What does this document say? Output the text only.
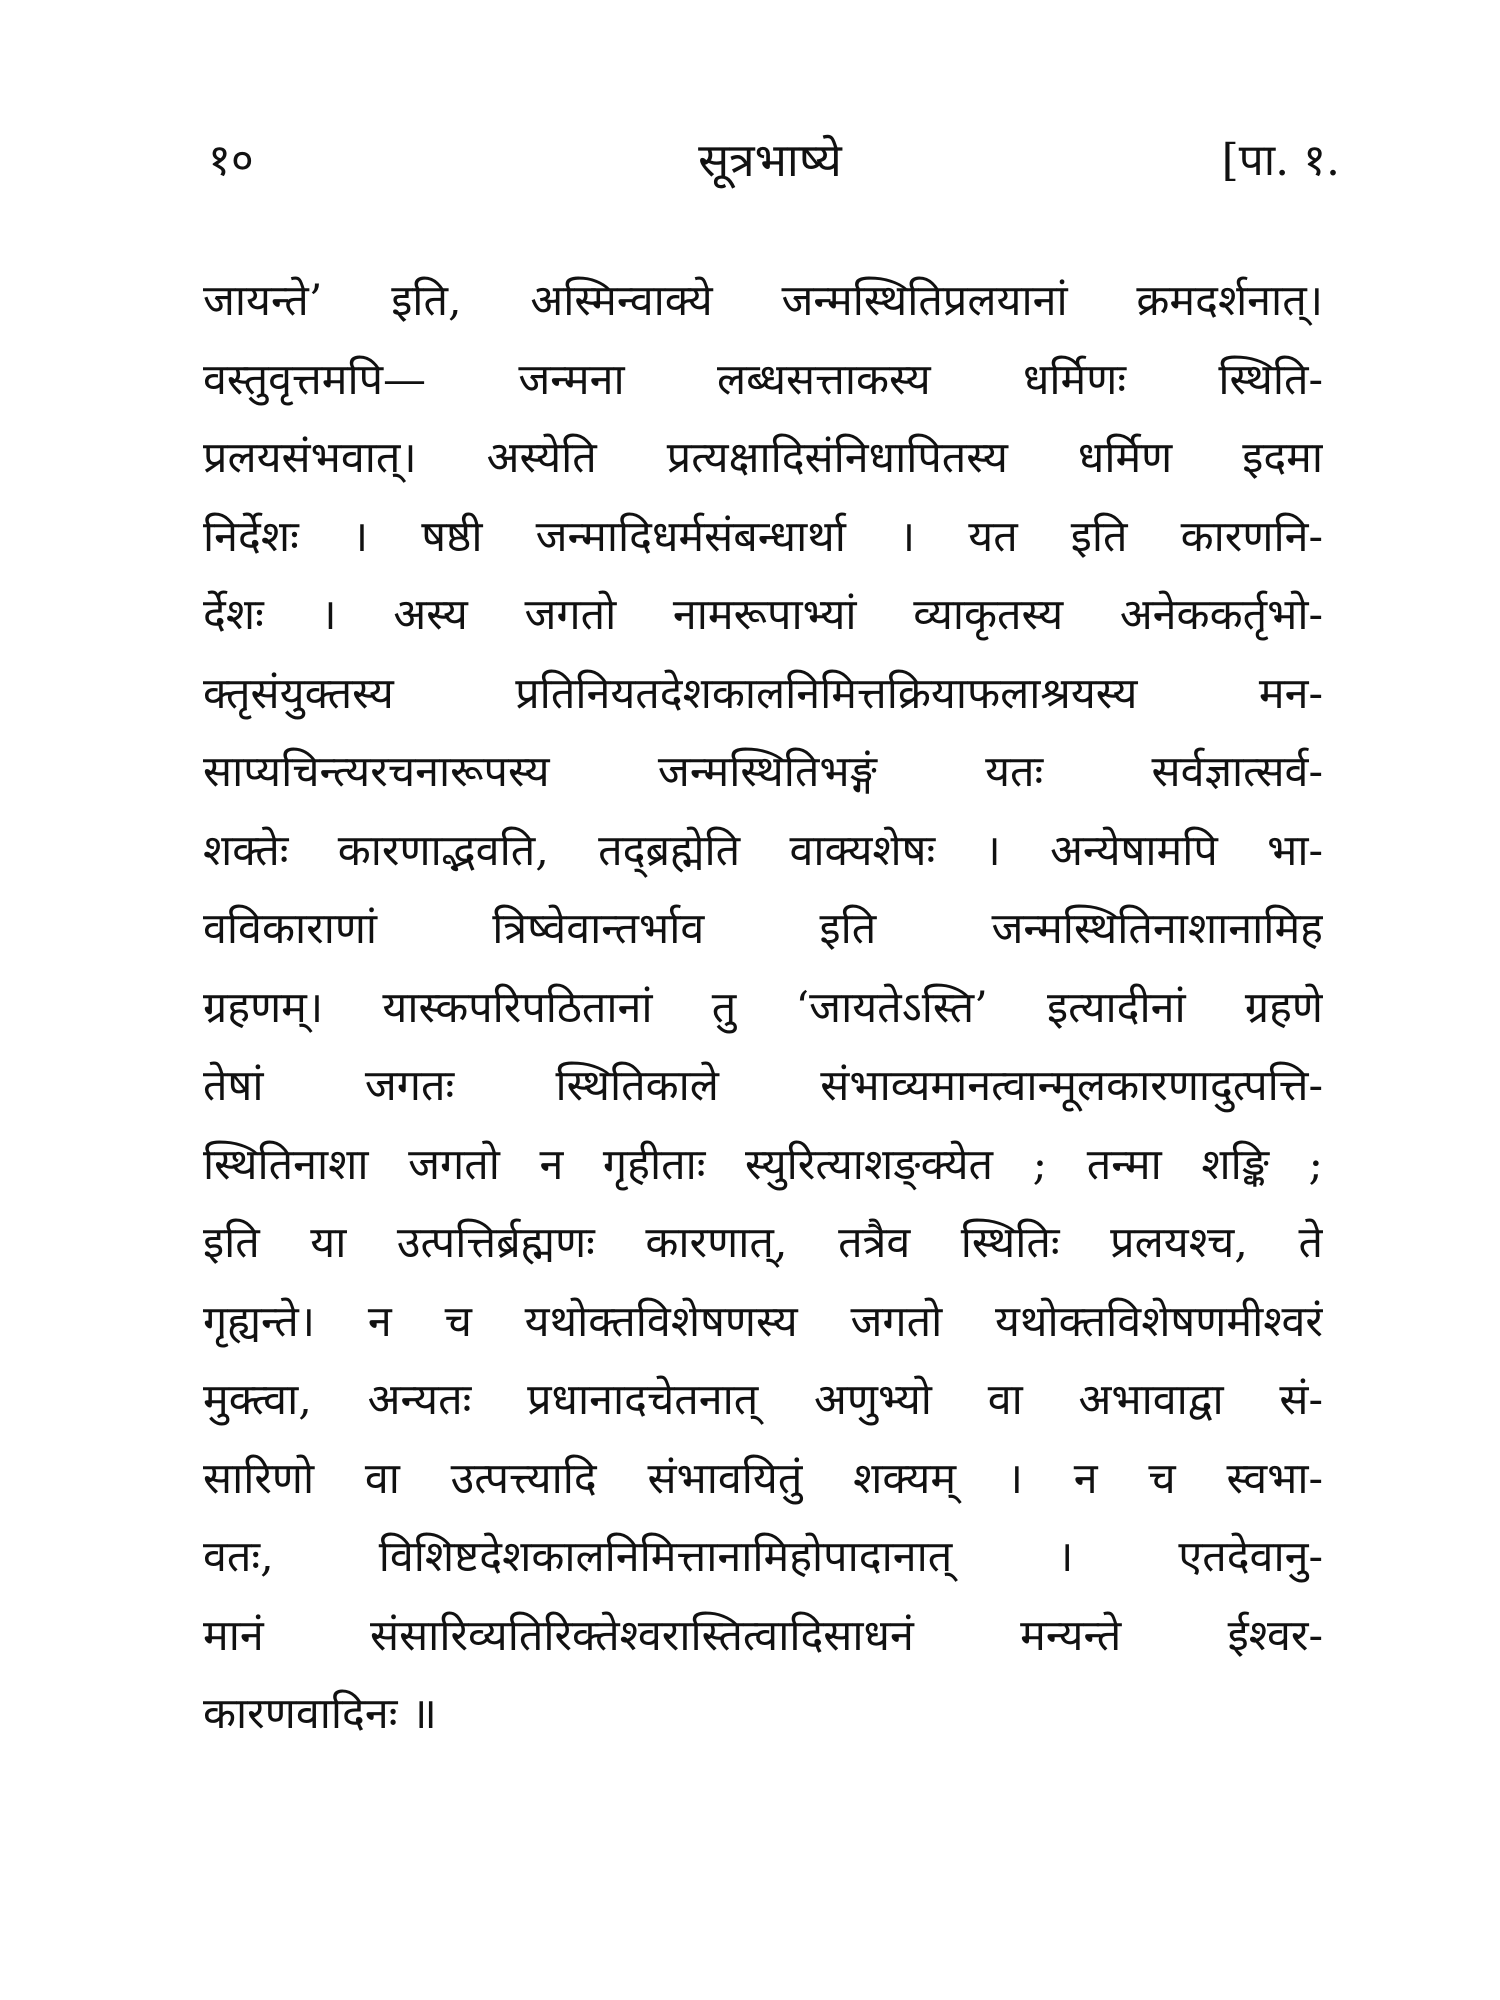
१०	सूत्रभाष्ये	[पा. १.
जायन्ते’ इति, अस्मिन्वाक्ये जन्मस्थितिप्रलयानां क्रमदर्शनात्।
वस्तुवृत्तमपि— जन्मना लब्धसत्ताकस्य धर्मिणः स्थिति-
प्रलयसंभवात्। अस्येति प्रत्यक्षादिसंनिधापितस्य धर्मिण इदमा
निर्देशः । षष्ठी जन्मादिधर्मसंबन्धार्था । यत इति कारणनि-
र्देशः । अस्य जगतो नामरूपाभ्यां व्याकृतस्य अनेककर्तृभो-
क्तृसंयुक्तस्य प्रतिनियतदेशकालनिमित्तक्रियाफलाश्रयस्य मन-
साप्यचिन्त्यरचनारूपस्य जन्मस्थितिभङ्गं यतः सर्वज्ञात्सर्व-
शक्तेः कारणाद्भवति, तद्ब्रह्मेति वाक्यशेषः । अन्येषामपि भा-
वविकाराणां त्रिष्वेवान्तर्भाव इति जन्मस्थितिनाशानामिह
ग्रहणम्। यास्कपरिपठितानां तु ‘जायतेऽस्ति’ इत्यादीनां ग्रहणे
तेषां जगतः स्थितिकाले संभाव्यमानत्वान्मूलकारणादुत्पत्ति-
स्थितिनाशा जगतो न गृहीताः स्युरित्याशङ्क्येत ; तन्मा शङ्कि ;
इति या उत्पत्तिर्ब्रह्मणः कारणात्, तत्रैव स्थितिः प्रलयश्च, ते
गृह्यन्ते। न च यथोक्तविशेषणस्य जगतो यथोक्तविशेषणमीश्वरं
मुक्त्वा, अन्यतः प्रधानादचेतनात् अणुभ्यो वा अभावाद्वा सं-
सारिणो वा उत्पत्त्यादि संभावयितुं शक्यम् । न च स्वभा-
वतः, विशिष्टदेशकालनिमित्तानामिहोपादानात् । एतदेवानु-
मानं संसारिव्यतिरिक्तेश्वरास्तित्वादिसाधनं मन्यन्ते ईश्वर-
कारणवादिनः ॥
